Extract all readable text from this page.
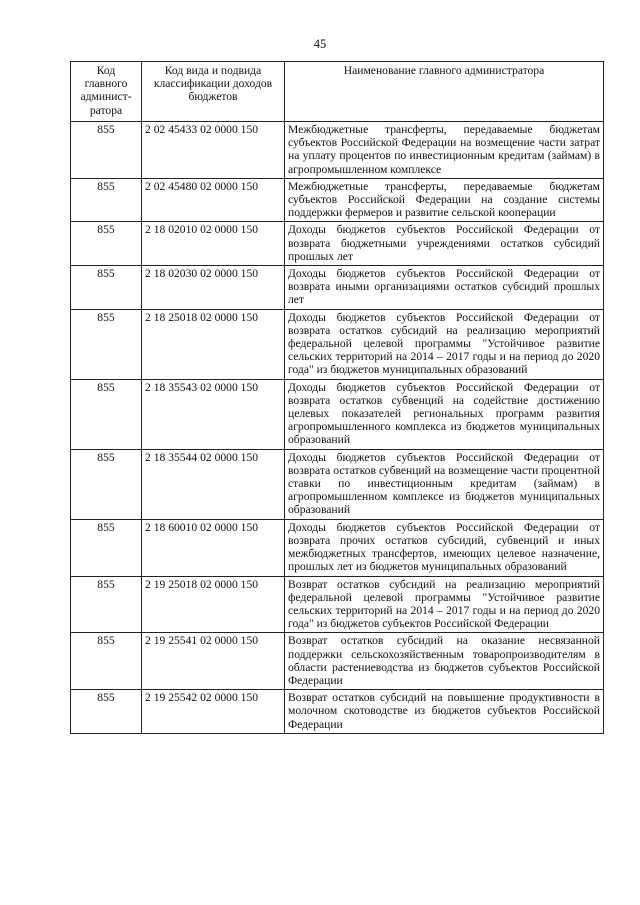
45
Код главного админист-ратора	Код вида и подвида классификации доходов бюджетов	Наименование главного администратора
855	2 02 45433 02 0000 150	Межбюджетные трансферты, передаваемые бюджетам субъектов Российской Федерации на возмещение части затрат на уплату процентов по инвестиционным кредитам (займам) в агропромышленном комплексе
855	2 02 45480 02 0000 150	Межбюджетные трансферты, передаваемые бюджетам субъектов Российской Федерации на создание системы поддержки фермеров и развитие сельской кооперации
855	2 18 02010 02 0000 150	Доходы бюджетов субъектов Российской Федерации от возврата бюджетными учреждениями остатков субсидий прошлых лет
855	2 18 02030 02 0000 150	Доходы бюджетов субъектов Российской Федерации от возврата иными организациями остатков субсидий прошлых лет
855	2 18 25018 02 0000 150	Доходы бюджетов субъектов Российской Федерации от возврата остатков субсидий на реализацию мероприятий федеральной целевой программы "Устойчивое развитие сельских территорий на 2014 – 2017 годы и на период до 2020 года" из бюджетов муниципальных образований
855	2 18 35543 02 0000 150	Доходы бюджетов субъектов Российской Федерации от возврата остатков субвенций на содействие достижению целевых показателей региональных программ развития агропромышленного комплекса из бюджетов муниципальных образований
855	2 18 35544 02 0000 150	Доходы бюджетов субъектов Российской Федерации от возврата остатков субвенций на возмещение части процентной ставки по инвестиционным кредитам (займам) в агропромышленном комплексе из бюджетов муниципальных образований
855	2 18 60010 02 0000 150	Доходы бюджетов субъектов Российской Федерации от возврата прочих остатков субсидий, субвенций и иных межбюджетных трансфертов, имеющих целевое назначение, прошлых лет из бюджетов муниципальных образований
855	2 19 25018 02 0000 150	Возврат остатков субсидий на реализацию мероприятий федеральной целевой программы "Устойчивое развитие сельских территорий на 2014 – 2017 годы и на период до 2020 года" из бюджетов субъектов Российской Федерации
855	2 19 25541 02 0000 150	Возврат остатков субсидий на оказание несвязанной поддержки сельскохозяйственным товаропроизводителям в области растениеводства из бюджетов субъектов Российской Федерации
855	2 19 25542 02 0000 150	Возврат остатков субсидий на повышение продуктивности в молочном скотоводстве из бюджетов субъектов Российской Федерации
